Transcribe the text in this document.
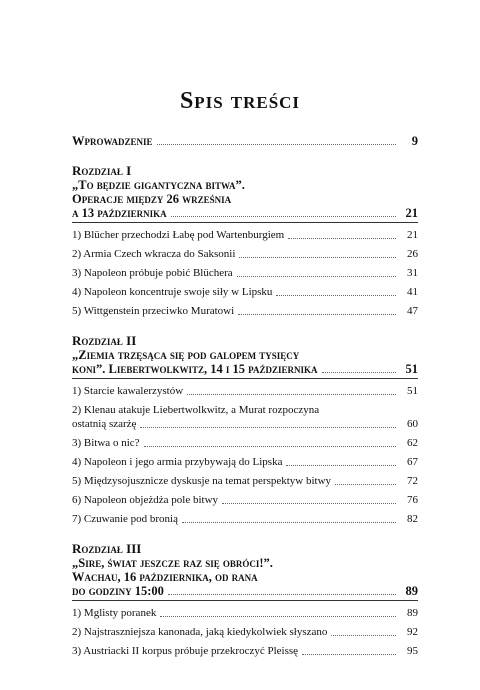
Spis treści
Wprowadzenie	9
Rozdział I
„To będzie gigantyczna bitwa”.
Operacje między 26 września
a 13 października	21
1) Blücher przechodzi Łabę pod Wartenburgiem	21
2) Armia Czech wkracza do Saksonii	26
3) Napoleon próbuje pobić Blüchera	31
4) Napoleon koncentruje swoje siły w Lipsku	41
5) Wittgenstein przeciwko Muratowi	47
Rozdział II
„Ziemia trzęsąca się pod galopem tysięcy
koni”. Liebertwolkwitz, 14 i 15 października	51
1) Starcie kawalerzystów	51
2) Klenau atakuje Liebertwolkwitz, a Murat rozpoczyna
ostatnią szarżę	60
3) Bitwa o nic?	62
4) Napoleon i jego armia przybywają do Lipska	67
5) Międzysojusznicze dyskusje na temat perspektyw bitwy	72
6) Napoleon objeżdża pole bitwy	76
7) Czuwanie pod bronią	82
Rozdział III
„Sire, świat jeszcze raz się obróci!”.
Wachau, 16 października, od rana
do godziny 15:00	89
1) Mglisty poranek	89
2) Najstraszniejsza kanonada, jaką kiedykolwiek słyszano	92
3) Austriacki II korpus próbuje przekroczyć Pleissę	95
